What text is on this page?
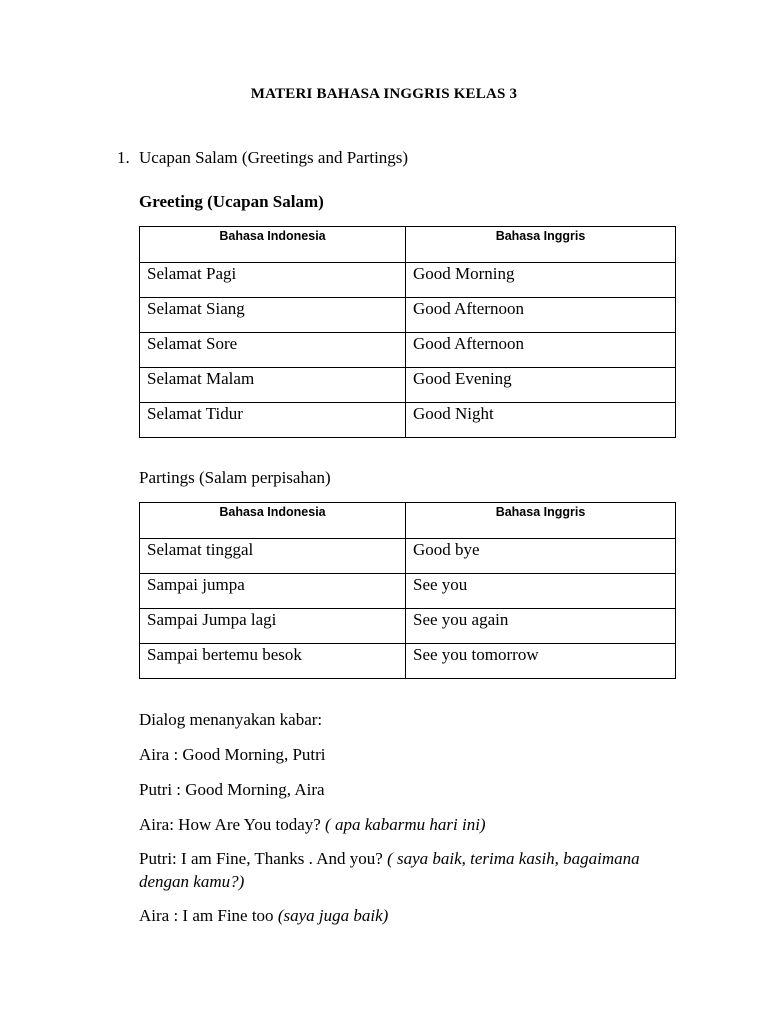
MATERI BAHASA INGGRIS KELAS 3
1. Ucapan Salam (Greetings and Partings)
Greeting (Ucapan Salam)
Bahasa Indonesia	Bahasa Inggris
Selamat Pagi	Good Morning
Selamat Siang	Good Afternoon
Selamat Sore	Good Afternoon
Selamat Malam	Good Evening
Selamat Tidur	Good Night
Partings (Salam perpisahan)
Bahasa Indonesia	Bahasa Inggris
Selamat tinggal	Good bye
Sampai jumpa	See you
Sampai Jumpa lagi	See you again
Sampai bertemu besok	See you tomorrow
Dialog menanyakan kabar:
Aira : Good Morning, Putri
Putri : Good Morning, Aira
Aira: How Are You today? ( apa kabarmu hari ini)
Putri: I am Fine, Thanks . And you? ( saya baik, terima kasih, bagaimana dengan kamu?)
Aira : I am Fine too (saya juga baik)
